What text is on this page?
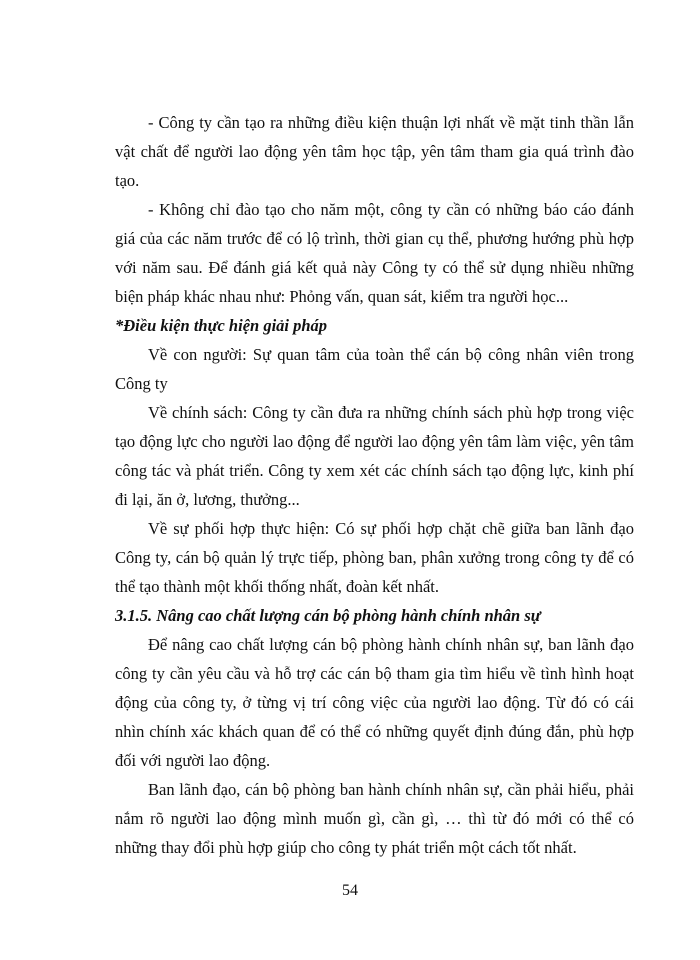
- Công ty cần tạo ra những điều kiện thuận lợi nhất về mặt tinh thần lẫn vật chất để người lao động yên tâm học tập, yên tâm tham gia quá trình đào tạo.

- Không chỉ đào tạo cho năm một, công ty cần có những báo cáo đánh giá của các năm trước để có lộ trình, thời gian cụ thể, phương hướng phù hợp với năm sau. Để đánh giá kết quả này Công ty có thể sử dụng nhiều những biện pháp khác nhau như: Phỏng vấn, quan sát, kiểm tra người học...

*Điều kiện thực hiện giải pháp

Về con người: Sự quan tâm của toàn thể cán bộ công nhân viên trong Công ty

Về chính sách: Công ty cần đưa ra những chính sách phù hợp trong việc tạo động lực cho người lao động để người lao động yên tâm làm việc, yên tâm công tác và phát triển. Công ty xem xét các chính sách tạo động lực, kinh phí đi lại, ăn ở, lương, thưởng...

Về sự phối hợp thực hiện: Có sự phối hợp chặt chẽ giữa ban lãnh đạo Công ty, cán bộ quản lý trực tiếp, phòng ban, phân xưởng trong công ty để có thể tạo thành một khối thống nhất, đoàn kết nhất.

3.1.5. Nâng cao chất lượng cán bộ phòng hành chính nhân sự

Để nâng cao chất lượng cán bộ phòng hành chính nhân sự, ban lãnh đạo công ty cần yêu cầu và hỗ trợ các cán bộ tham gia tìm hiểu về tình hình hoạt động của công ty, ở từng vị trí công việc của người lao động. Từ đó có cái nhìn chính xác khách quan để có thể có những quyết định đúng đắn, phù hợp đối với người lao động.

Ban lãnh đạo, cán bộ phòng ban hành chính nhân sự, cần phải hiểu, phải nắm rõ người lao động mình muốn gì, cần gì, … thì từ đó mới có thể có những thay đổi phù hợp giúp cho công ty phát triển một cách tốt nhất.

54
